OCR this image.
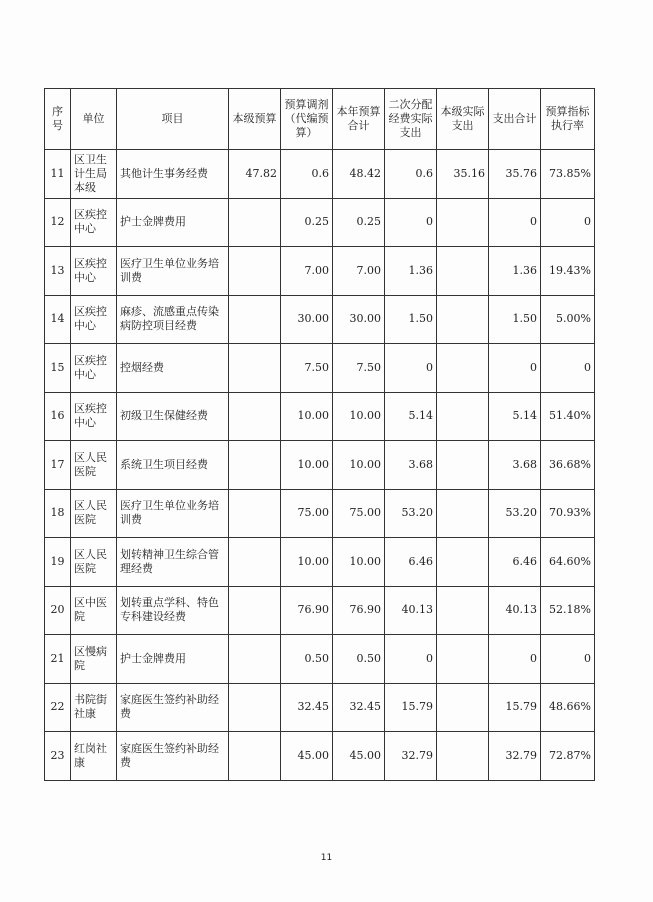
序号	单位	项目	本级预算	预算调剂（代编预算）	本年预算合计	二次分配经费实际支出	本级实际支出	支出合计	预算指标执行率
11	区卫生计生局本级	其他计生事务经费	47.82	0.6	48.42	0.6	35.16	35.76	73.85%
12	区疾控中心	护士金牌费用		0.25	0.25	0		0	0
13	区疾控中心	医疗卫生单位业务培训费		7.00	7.00	1.36		1.36	19.43%
14	区疾控中心	麻疹、流感重点传染病防控项目经费		30.00	30.00	1.50		1.50	5.00%
15	区疾控中心	控烟经费		7.50	7.50	0		0	0
16	区疾控中心	初级卫生保健经费		10.00	10.00	5.14		5.14	51.40%
17	区人民医院	系统卫生项目经费		10.00	10.00	3.68		3.68	36.68%
18	区人民医院	医疗卫生单位业务培训费		75.00	75.00	53.20		53.20	70.93%
19	区人民医院	划转精神卫生综合管理经费		10.00	10.00	6.46		6.46	64.60%
20	区中医院	划转重点学科、特色专科建设经费		76.90	76.90	40.13		40.13	52.18%
21	区慢病院	护士金牌费用		0.50	0.50	0		0	0
22	书院街社康	家庭医生签约补助经费		32.45	32.45	15.79		15.79	48.66%
23	红岗社康	家庭医生签约补助经费		45.00	45.00	32.79		32.79	72.87%
11
